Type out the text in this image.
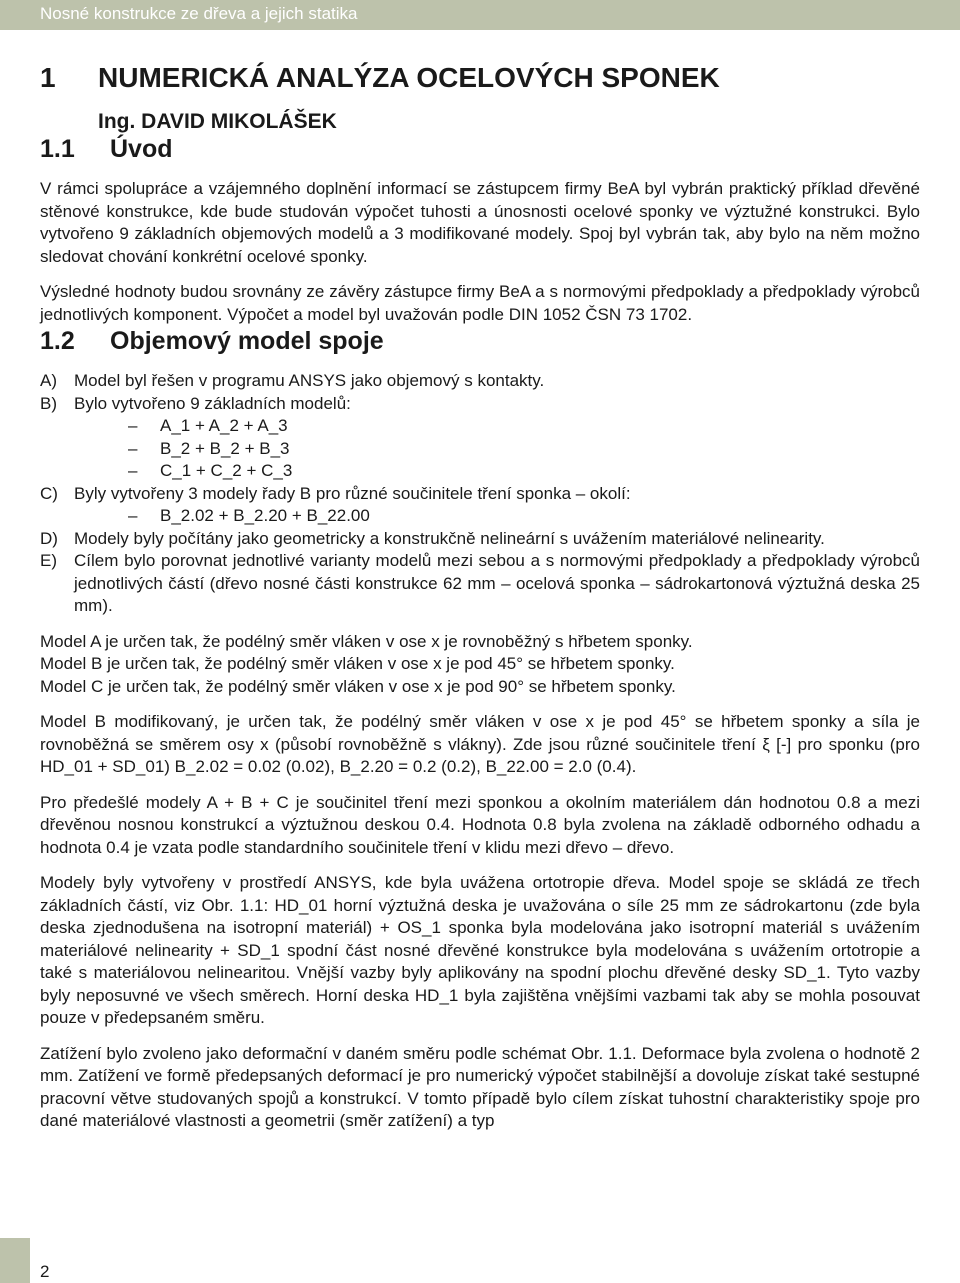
Nosné konstrukce ze dřeva a jejich statika
1	NUMERICKÁ ANALÝZA OCELOVÝCH SPONEK
Ing. DAVID MIKOLÁŠEK
1.1	Úvod

V rámci spolupráce a vzájemného doplnění informací se zástupcem firmy BeA byl vybrán praktický příklad dřevěné stěnové konstrukce, kde bude studován výpočet tuhosti a únosnosti ocelové sponky ve výztužné konstrukci. Bylo vytvořeno 9 základních objemových modelů a 3 modifikované modely. Spoj byl vybrán tak, aby bylo na něm možno sledovat chování konkrétní ocelové sponky.

Výsledné hodnoty budou srovnány ze závěry zástupce firmy BeA a s normovými předpoklady a předpoklady výrobců jednotlivých komponent. Výpočet a model byl uvažován podle DIN 1052 ČSN 73 1702.

1.2	Objemový model spoje
A)	Model byl řešen v programu ANSYS jako objemový s kontakty.
B)	Bylo vytvořeno 9 základních modelů:
–	A_1 + A_2 + A_3
–	B_2 + B_2 + B_3
–	C_1 + C_2 + C_3
C) Byly vytvořeny 3 modely řady B pro různé součinitele tření sponka – okolí:
–	B_2.02 + B_2.20 + B_22.00
D) Modely byly počítány jako geometricky a konstrukčně nelineární s uvážením materiálové nelinearity.
E)	Cílem bylo porovnat jednotlivé varianty modelů mezi sebou a s normovými předpoklady a předpoklady výrobců jednotlivých částí (dřevo nosné části konstrukce 62 mm – ocelová sponka – sádrokartonová výztužná deska 25 mm).
Model A je určen tak, že podélný směr vláken v ose x je rovnoběžný s hřbetem sponky.
Model B je určen tak, že podélný směr vláken v ose x je pod 45° se hřbetem sponky.
Model C je určen tak, že podélný směr vláken v ose x je pod 90° se hřbetem sponky.

Model B modifikovaný, je určen tak, že podélný směr vláken v ose x je pod 45° se hřbetem sponky a síla je rovnoběžná se směrem osy x (působí rovnoběžně s vlákny). Zde jsou různé součinitele tření ξ [-] pro sponku (pro HD_01 + SD_01) B_2.02 = 0.02 (0.02), B_2.20 = 0.2 (0.2), B_22.00 = 2.0 (0.4).

Pro předešlé modely A + B + C je součinitel tření mezi sponkou a okolním materiálem dán hodnotou 0.8 a mezi dřevěnou nosnou konstrukcí a výztužnou deskou 0.4. Hodnota 0.8 byla zvolena na základě odborného odhadu a hodnota 0.4 je vzata podle standardního součinitele tření v klidu mezi dřevo – dřevo.

Modely byly vytvořeny v prostředí ANSYS, kde byla uvážena ortotropie dřeva. Model spoje se skládá ze třech základních částí, viz Obr. 1.1: HD_01 horní výztužná deska je uvažována o síle 25 mm ze sádrokartonu (zde byla deska zjednodušena na isotropní materiál) + OS_1 sponka byla modelována jako isotropní materiál s uvážením materiálové nelinearity + SD_1 spodní část nosné dřevěné konstrukce byla modelována s uvážením ortotropie a také s materiálovou nelinearitou. Vnější vazby byly aplikovány na spodní plochu dřevěné desky SD_1. Tyto vazby byly neposuvné ve všech směrech. Horní deska HD_1 byla zajištěna vnějšími vazbami tak aby se mohla posouvat pouze v předepsaném směru.

Zatížení bylo zvoleno jako deformační v daném směru podle schémat Obr. 1.1. Deformace byla zvolena o hodnotě 2 mm. Zatížení ve formě předepsaných deformací je pro numerický výpočet stabilnější a dovoluje získat také sestupné pracovní větve studovaných spojů a konstrukcí. V tomto případě bylo cílem získat tuhostní charakteristiky spoje pro dané materiálové vlastnosti a geometrii (směr zatížení) a typ

2
